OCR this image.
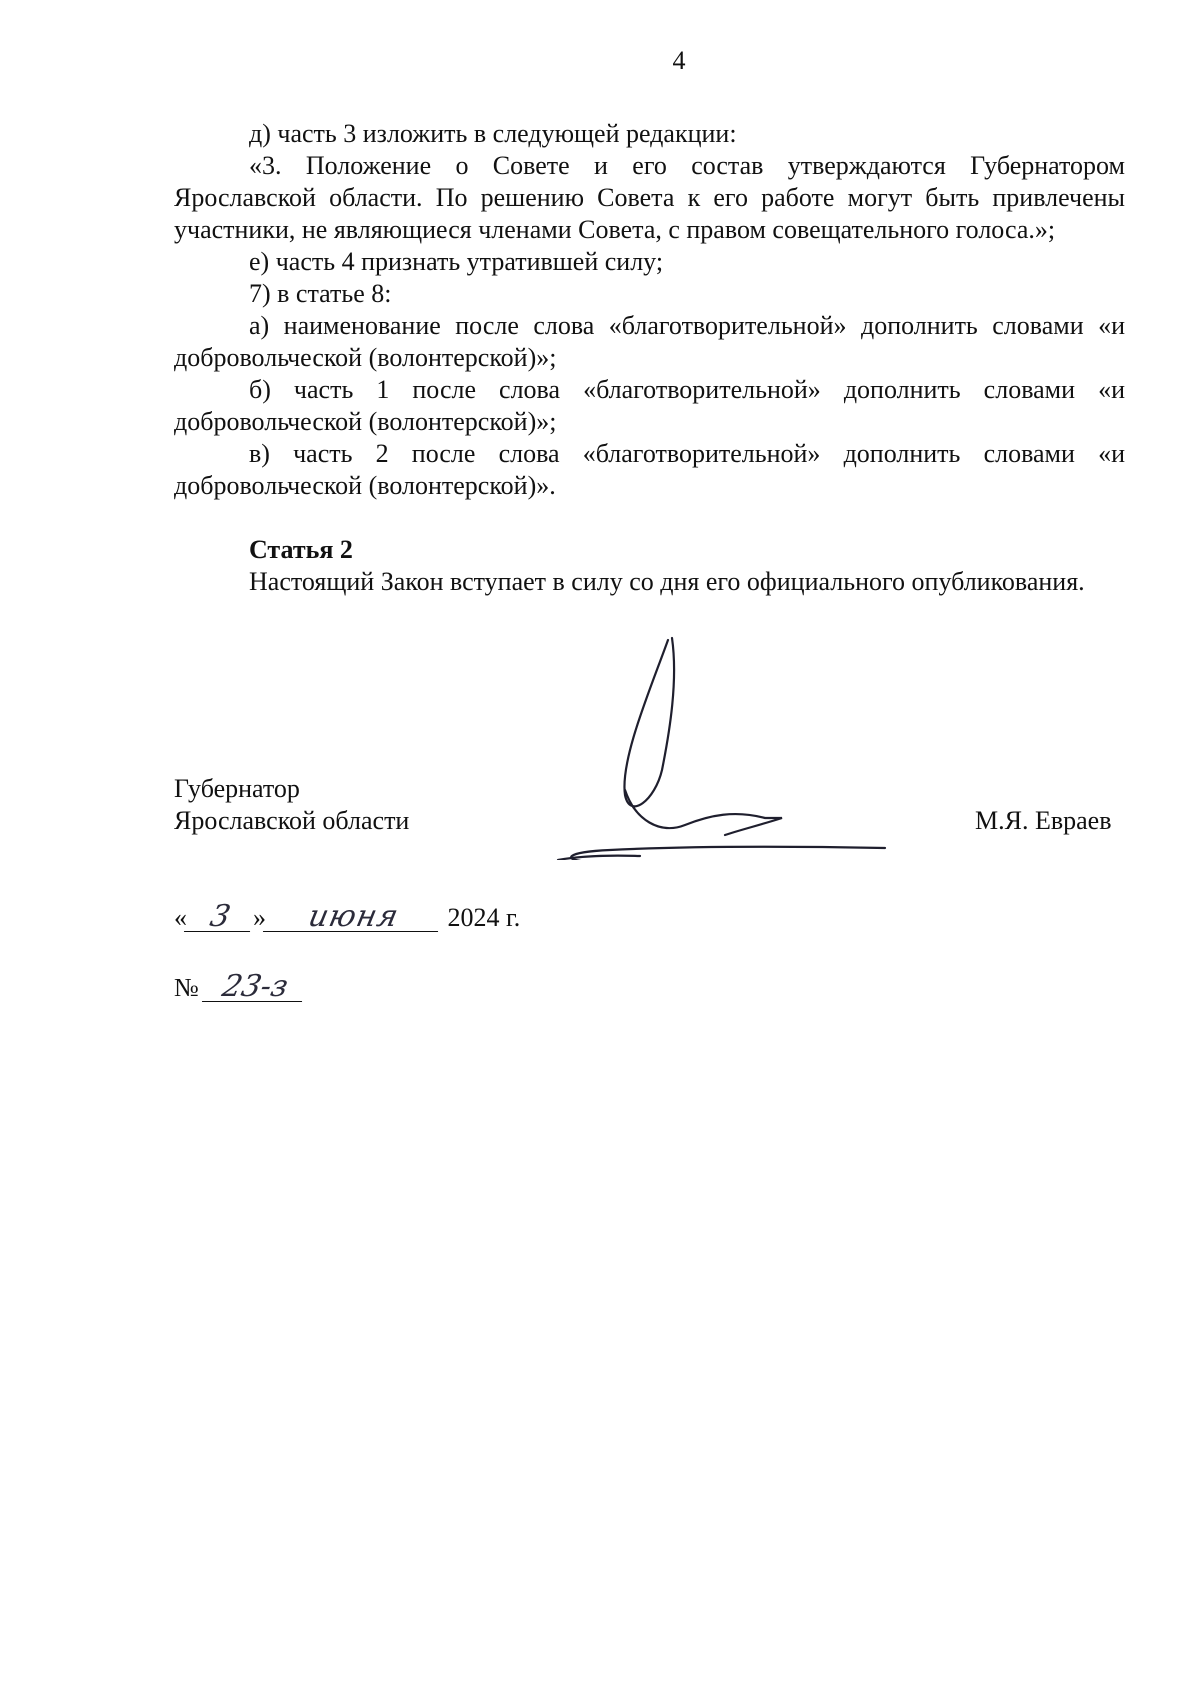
4

д) часть 3 изложить в следующей редакции:

«3. Положение о Совете и его состав утверждаются Губернатором Ярославской области. По решению Совета к его работе могут быть привлечены участники, не являющиеся членами Совета, с правом совещательного голоса.»;

е) часть 4 признать утратившей силу;

7) в статье 8:

а) наименование после слова «благотворительной» дополнить словами «и добровольческой (волонтерской)»;

б) часть 1 после слова «благотворительной» дополнить словами «и добровольческой (волонтерской)»;

в) часть 2 после слова «благотворительной» дополнить словами «и добровольческой (волонтерской)».

Статья 2

Настоящий Закон вступает в силу со дня его официального опубликования.

Губернатор
Ярославской области	М.Я. Евраев
« 3 » июня 2024 г.
№ 23-з
